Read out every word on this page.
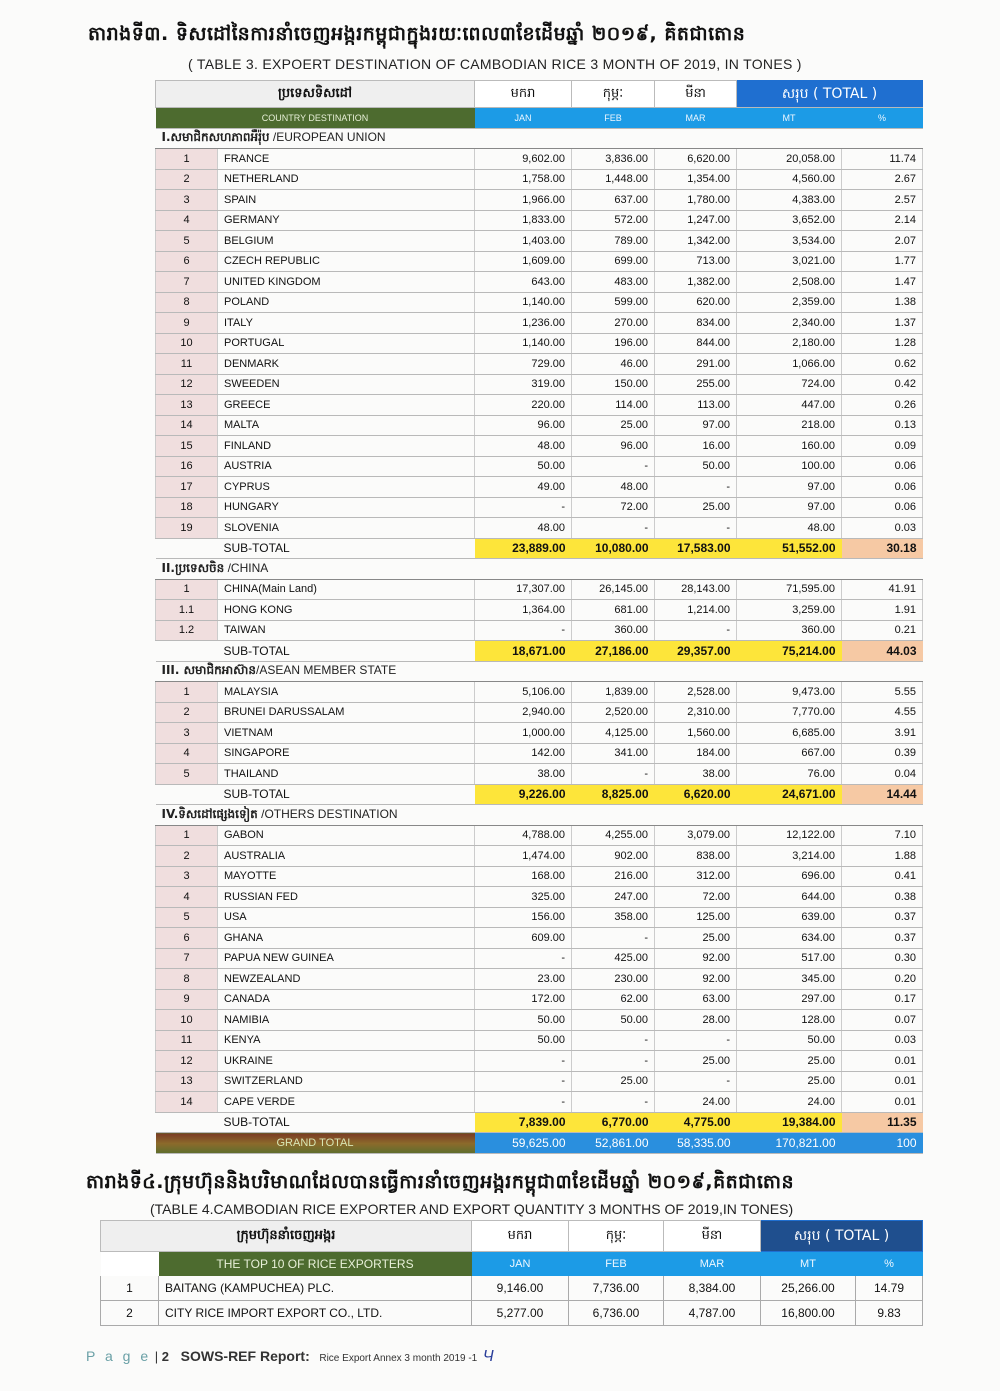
តារាងទី៣. ទិសដៅនៃការនាំចេញអង្ករកម្ពុជាក្នុងរយៈពេល៣ខែដើមឆ្នាំ ២០១៩, គិតជាតោន
( TABLE 3. EXPOERT DESTINATION OF CAMBODIAN RICE 3 MONTH OF 2019, IN TONES )
ប្រទេសទិសដៅ		មករា	កុម្ភៈ	មីនា	សរុប ( TOTAL )	
COUNTRY DESTINATION		JAN	FEB	MAR	MT	%
I.សមាជិកសហភាពអឺរ៉ុប /EUROPEAN UNION						
1	FRANCE	9,602.00	3,836.00	6,620.00	20,058.00	11.74
2	NETHERLAND	1,758.00	1,448.00	1,354.00	4,560.00	2.67
3	SPAIN	1,966.00	637.00	1,780.00	4,383.00	2.57
4	GERMANY	1,833.00	572.00	1,247.00	3,652.00	2.14
5	BELGIUM	1,403.00	789.00	1,342.00	3,534.00	2.07
6	CZECH REPUBLIC	1,609.00	699.00	713.00	3,021.00	1.77
7	UNITED KINGDOM	643.00	483.00	1,382.00	2,508.00	1.47
8	POLAND	1,140.00	599.00	620.00	2,359.00	1.38
9	ITALY	1,236.00	270.00	834.00	2,340.00	1.37
10	PORTUGAL	1,140.00	196.00	844.00	2,180.00	1.28
11	DENMARK	729.00	46.00	291.00	1,066.00	0.62
12	SWEEDEN	319.00	150.00	255.00	724.00	0.42
13	GREECE	220.00	114.00	113.00	447.00	0.26
14	MALTA	96.00	25.00	97.00	218.00	0.13
15	FINLAND	48.00	96.00	16.00	160.00	0.09
16	AUSTRIA	50.00	-	50.00	100.00	0.06
17	CYPRUS	49.00	48.00	-	97.00	0.06
18	HUNGARY	-	72.00	25.00	97.00	0.06
19	SLOVENIA	48.00	-	-	48.00	0.03
	SUB-TOTAL	23,889.00	10,080.00	17,583.00	51,552.00	30.18
II.ប្រទេសចិន /CHINA						
1	CHINA(Main Land)	17,307.00	26,145.00	28,143.00	71,595.00	41.91
1.1	HONG KONG	1,364.00	681.00	1,214.00	3,259.00	1.91
1.2	TAIWAN	-	360.00	-	360.00	0.21
	SUB-TOTAL	18,671.00	27,186.00	29,357.00	75,214.00	44.03
III. សមាជិកអាស៊ាន/ASEAN MEMBER STATE						
1	MALAYSIA	5,106.00	1,839.00	2,528.00	9,473.00	5.55
2	BRUNEI DARUSSALAM	2,940.00	2,520.00	2,310.00	7,770.00	4.55
3	VIETNAM	1,000.00	4,125.00	1,560.00	6,685.00	3.91
4	SINGAPORE	142.00	341.00	184.00	667.00	0.39
5	THAILAND	38.00	-	38.00	76.00	0.04
	SUB-TOTAL	9,226.00	8,825.00	6,620.00	24,671.00	14.44
IV.ទិសដៅផ្សេងទៀត /OTHERS DESTINATION						
1	GABON	4,788.00	4,255.00	3,079.00	12,122.00	7.10
2	AUSTRALIA	1,474.00	902.00	838.00	3,214.00	1.88
3	MAYOTTE	168.00	216.00	312.00	696.00	0.41
4	RUSSIAN FED	325.00	247.00	72.00	644.00	0.38
5	USA	156.00	358.00	125.00	639.00	0.37
6	GHANA	609.00	-	25.00	634.00	0.37
7	PAPUA NEW GUINEA	-	425.00	92.00	517.00	0.30
8	NEWZEALAND	23.00	230.00	92.00	345.00	0.20
9	CANADA	172.00	62.00	63.00	297.00	0.17
10	NAMIBIA	50.00	50.00	28.00	128.00	0.07
11	KENYA	50.00	-	-	50.00	0.03
12	UKRAINE	-	-	25.00	25.00	0.01
13	SWITZERLAND	-	25.00	-	25.00	0.01
14	CAPE VERDE	-	-	24.00	24.00	0.01
	SUB-TOTAL	7,839.00	6,770.00	4,775.00	19,384.00	11.35
GRAND TOTAL		59,625.00	52,861.00	58,335.00	170,821.00	100
តារាងទី៤.ក្រុមហ៊ុននិងបរិមាណដែលបានធ្វើការនាំចេញអង្ករកម្ពុជា៣ខែដើមឆ្នាំ ២០១៩,គិតជាតោន
(TABLE 4.CAMBODIAN RICE EXPORTER AND EXPORT QUANTITY 3 MONTHS OF 2019,IN TONES)
ក្រុមហ៊ុននាំចេញអង្ករ		មករា	កុម្ភៈ	មីនា	សរុប ( TOTAL )	
	THE TOP 10 OF RICE EXPORTERS	JAN	FEB	MAR	MT	%
1	BAITANG (KAMPUCHEA) PLC.	9,146.00	7,736.00	8,384.00	25,266.00	14.79
2	CITY RICE IMPORT EXPORT CO., LTD.	5,277.00	6,736.00	4,787.00	16,800.00	9.83
P a g e | 2 SOWS-REF Report: Rice Export Annex 3 month 2019 -1 Ч
